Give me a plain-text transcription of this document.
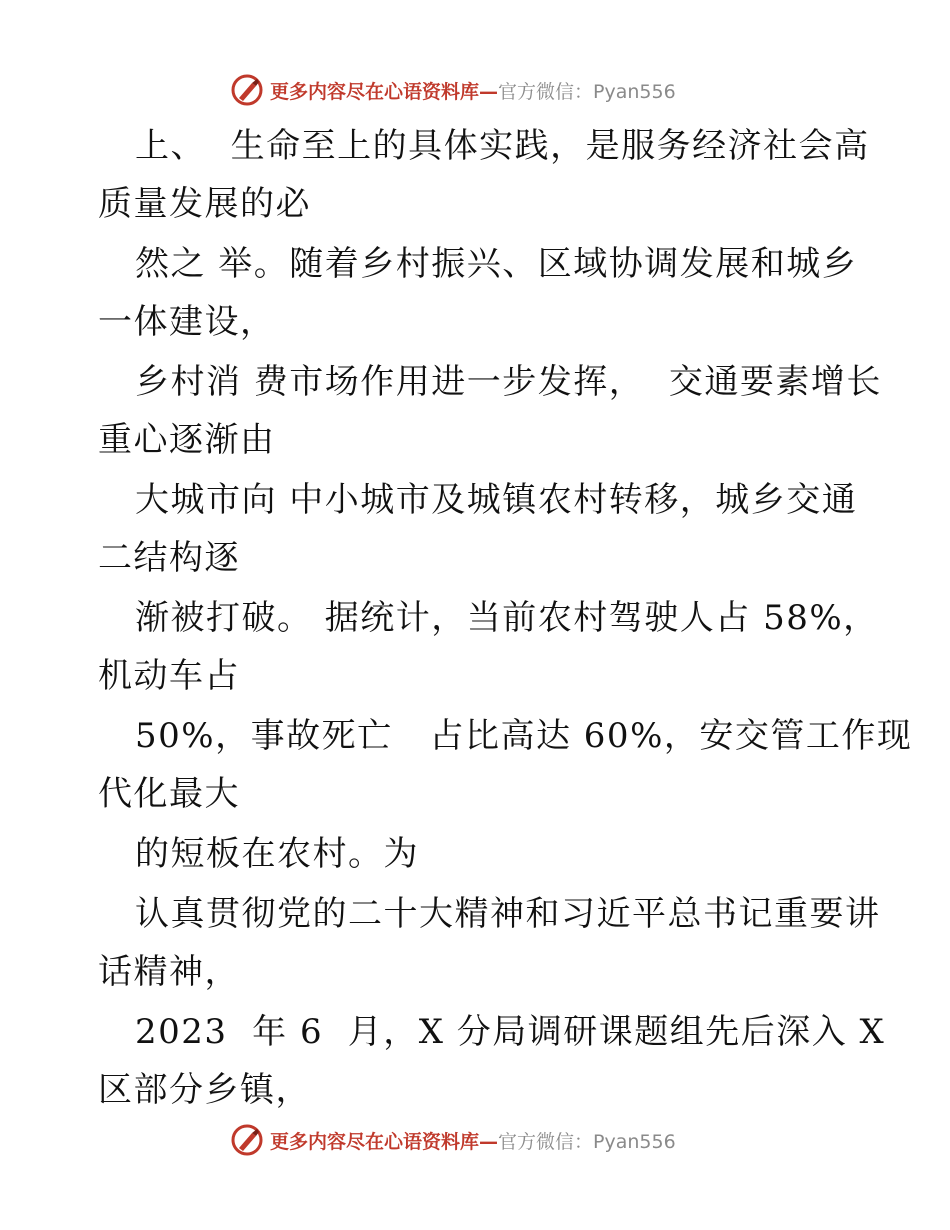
更多内容尽在心语资料库—官方微信：Pyan556
上、  生命至上的具体实践，是服务经济社会高
质量发展的必
然之 举。随着乡村振兴、区域协调发展和城乡
一体建设，
乡村消 费市场作用进一步发挥，  交通要素增长
重心逐渐由
大城市向 中小城市及城镇农村转移，城乡交通
二结构逐
渐被打破。 据统计，当前农村驾驶人占 58%，
机动车占
50%，事故死亡   占比高达 60%，安交管工作现
代化最大
的短板在农村。为
认真贯彻党的二十大精神和习近平总书记重要讲
话精神，
2023  年 6  月，X 分局调研课题组先后深入 X
区部分乡镇，
更多内容尽在心语资料库—官方微信：Pyan556
